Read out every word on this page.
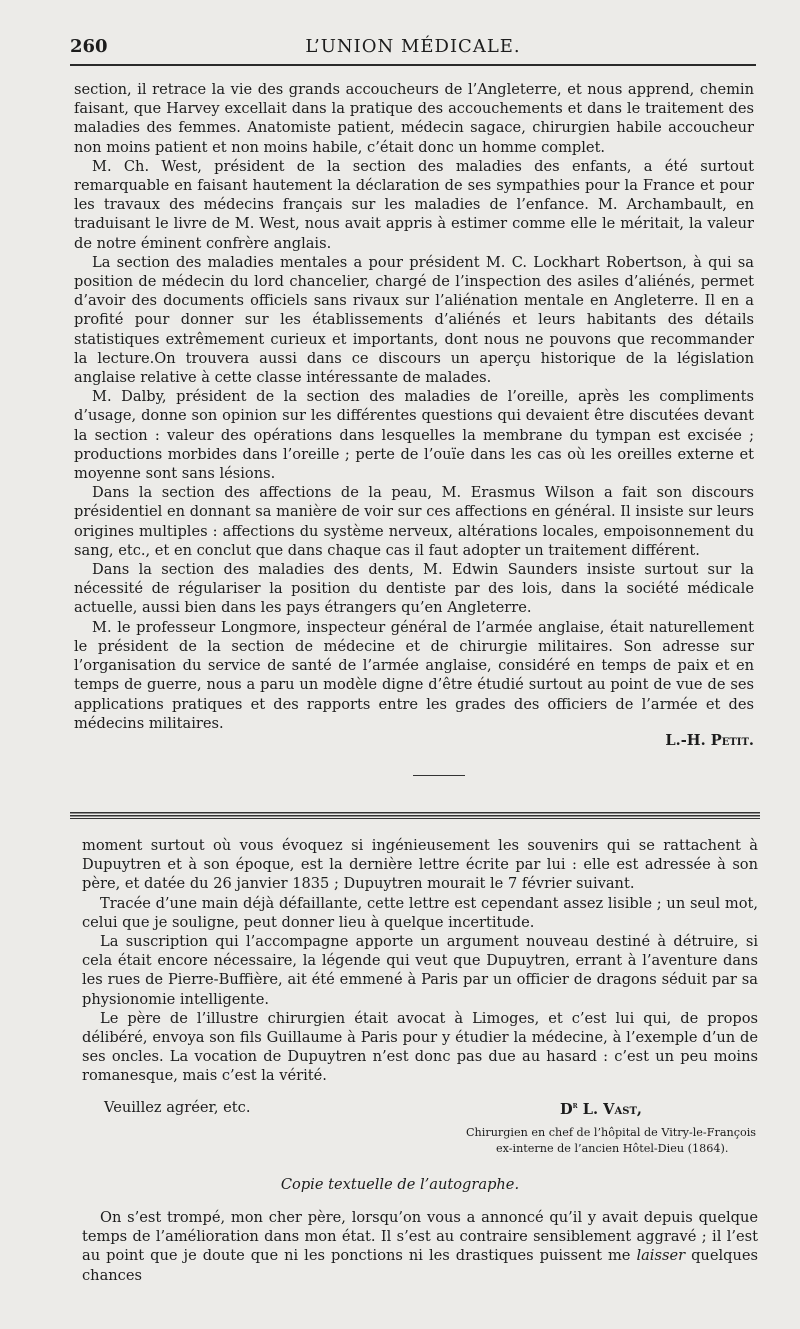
260	L’UNION MÉDICALE.

section, il retrace la vie des grands accoucheurs de l’Angleterre, et nous apprend, chemin faisant, que Harvey excellait dans la pratique des accouchements et dans le traitement des maladies des femmes. Anatomiste patient, médecin sagace, chirurgien habile accoucheur non moins patient et non moins habile, c’était donc un homme complet.

M. Ch. West, président de la section des maladies des enfants, a été surtout remarquable en faisant hautement la déclaration de ses sympathies pour la France et pour les travaux des médecins français sur les maladies de l’enfance. M. Archambault, en traduisant le livre de M. West, nous avait appris à estimer comme elle le méritait, la valeur de notre éminent confrère anglais.

La section des maladies mentales a pour président M. C. Lockhart Robertson, à qui sa position de médecin du lord chancelier, chargé de l’inspection des asiles d’aliénés, permet d’avoir des documents officiels sans rivaux sur l’aliénation mentale en Angleterre. Il en a profité pour donner sur les établissements d’aliénés et leurs habitants des détails statistiques extrêmement curieux et importants, dont nous ne pouvons que recommander la lecture.On trouvera aussi dans ce discours un aperçu historique de la législation anglaise relative à cette classe intéressante de malades.

M. Dalby, président de la section des maladies de l’oreille, après les compliments d’usage, donne son opinion sur les différentes questions qui devaient être discutées devant la section : valeur des opérations dans lesquelles la membrane du tympan est excisée ; productions morbides dans l’oreille ; perte de l’ouïe dans les cas où les oreilles externe et moyenne sont sans lésions.

Dans la section des affections de la peau, M. Erasmus Wilson a fait son discours présidentiel en donnant sa manière de voir sur ces affections en général. Il insiste sur leurs origines multiples : affections du système nerveux, altérations locales, empoisonnement du sang, etc., et en conclut que dans chaque cas il faut adopter un traitement différent.

Dans la section des maladies des dents, M. Edwin Saunders insiste surtout sur la nécessité de régulariser la position du dentiste par des lois, dans la société médicale actuelle, aussi bien dans les pays étrangers qu’en Angleterre.

M. le professeur Longmore, inspecteur général de l’armée anglaise, était naturellement le président de la section de médecine et de chirurgie militaires. Son adresse sur l’organisation du service de santé de l’armée anglaise, considéré en temps de paix et en temps de guerre, nous a paru un modèle digne d’être étudié surtout au point de vue de ses applications pratiques et des rapports entre les grades des officiers de l’armée et des médecins militaires.

L.-H. Petit.

moment surtout où vous évoquez si ingénieusement les souvenirs qui se rattachent à Dupuytren et à son époque, est la dernière lettre écrite par lui : elle est adressée à son père, et datée du 26 janvier 1835 ; Dupuytren mourait le 7 février suivant.

Tracée d’une main déjà défaillante, cette lettre est cependant assez lisible ; un seul mot, celui que je souligne, peut donner lieu à quelque incertitude.

La suscription qui l’accompagne apporte un argument nouveau destiné à détruire, si cela était encore nécessaire, la légende qui veut que Dupuytren, errant à l’aventure dans les rues de Pierre-Buffière, ait été emmené à Paris par un officier de dragons séduit par sa physionomie intelligente.

Le père de l’illustre chirurgien était avocat à Limoges, et c’est lui qui, de propos délibéré, envoya son fils Guillaume à Paris pour y étudier la médecine, à l’exemple d’un de ses oncles. La vocation de Dupuytren n’est donc pas due au hasard : c’est un peu moins romanesque, mais c’est la vérité.

Veuillez agréer, etc.	$D^r$ L. Vast,
Chirurgien en chef de l’hôpital de Vitry-le-François
ex-interne de l’ancien Hôtel-Dieu (1864).
Copie textuelle de l’autographe.

On s’est trompé, mon cher père, lorsqu’on vous a annoncé qu’il y avait depuis quelque temps de l’amélioration dans mon état. Il s’est au contraire sensiblement aggravé ; il l’est au point que je doute que ni les ponctions ni les drastiques puissent me laisser quelques chances
